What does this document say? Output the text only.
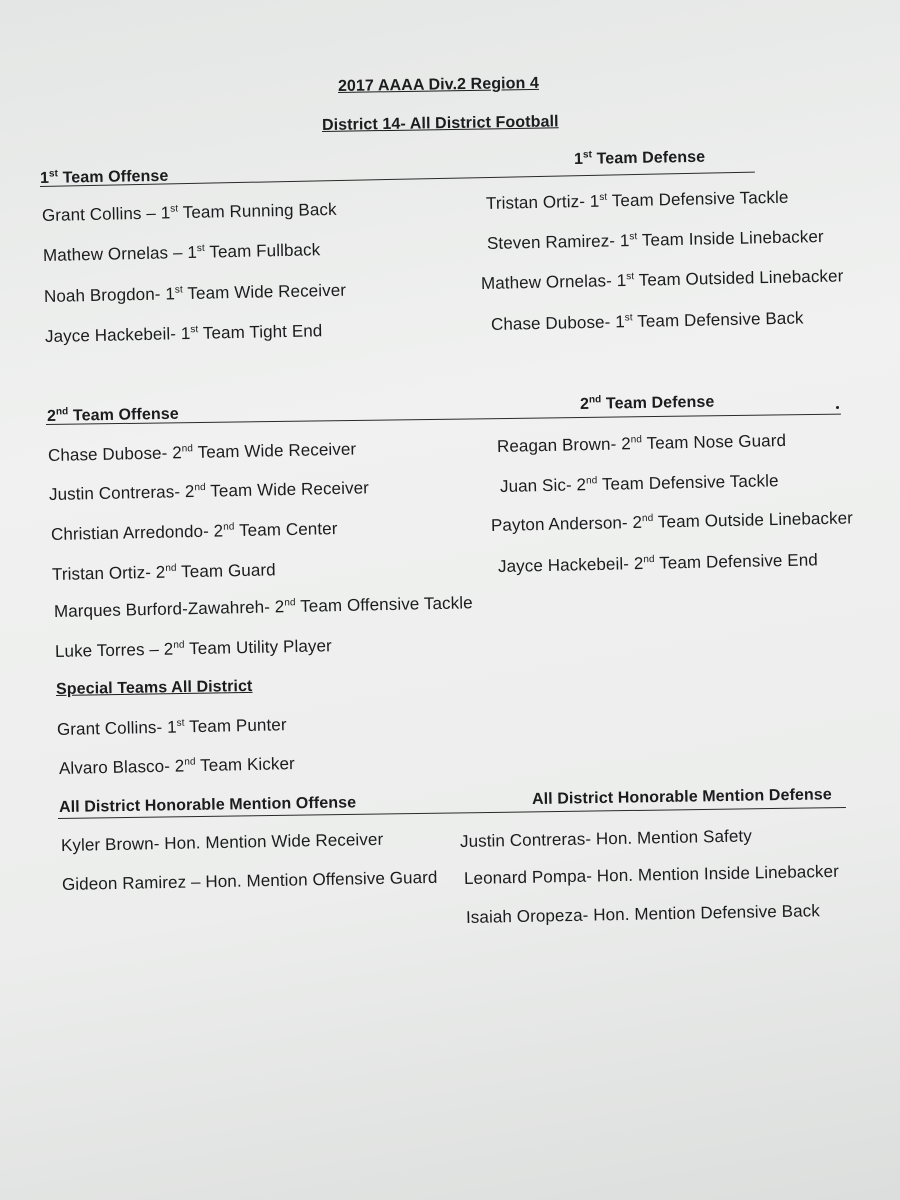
2017 AAAA Div.2 Region 4
District 14- All District Football
1st Team Offense
1st Team Defense
Grant Collins – 1st Team Running Back
Mathew Ornelas – 1st Team Fullback
Noah Brogdon- 1st Team Wide Receiver
Jayce Hackebeil- 1st Team Tight End
Tristan Ortiz- 1st Team Defensive Tackle
Steven Ramirez- 1st Team Inside Linebacker
Mathew Ornelas- 1st Team Outsided Linebacker
Chase Dubose- 1st Team Defensive Back
2nd Team Offense
2nd Team Defense
Chase Dubose- 2nd Team Wide Receiver
Justin Contreras- 2nd Team Wide Receiver
Christian Arredondo- 2nd Team Center
Tristan Ortiz- 2nd Team Guard
Marques Burford-Zawahreh- 2nd Team Offensive Tackle
Luke Torres – 2nd Team Utility Player
Reagan Brown- 2nd Team Nose Guard
Juan Sic- 2nd Team Defensive Tackle
Payton Anderson- 2nd Team Outside Linebacker
Jayce Hackebeil- 2nd Team Defensive End
Special Teams All District
Grant Collins- 1st Team Punter
Alvaro Blasco- 2nd Team Kicker
All District Honorable Mention Offense	All District Honorable Mention Defense
Kyler Brown- Hon. Mention Wide Receiver
Gideon Ramirez – Hon. Mention Offensive Guard
Justin Contreras- Hon. Mention Safety
Leonard Pompa- Hon. Mention Inside Linebacker
Isaiah Oropeza- Hon. Mention Defensive Back
